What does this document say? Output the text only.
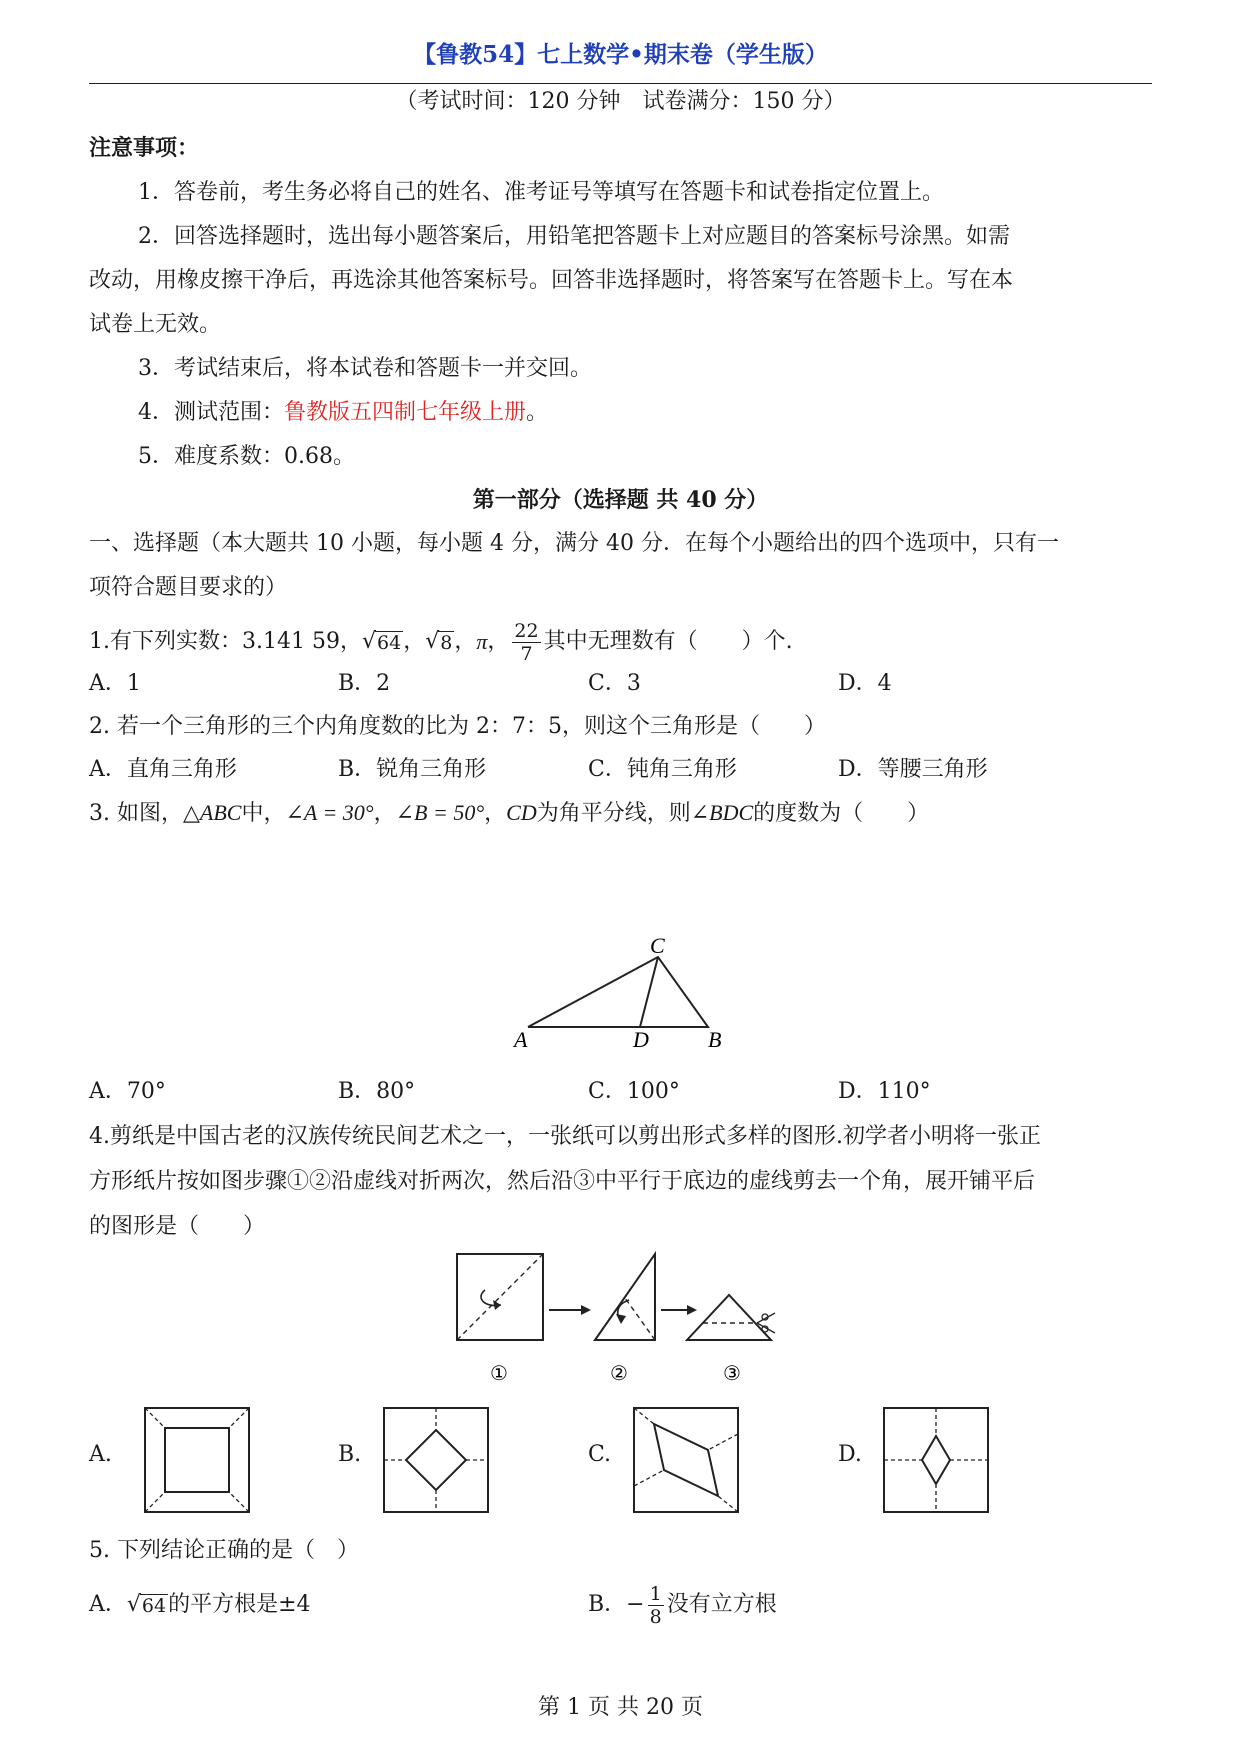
【鲁教54】七上数学•期末卷（学生版）
（考试时间：120 分钟　试卷满分：150 分）
注意事项：
1．答卷前，考生务必将自己的姓名、准考证号等填写在答题卡和试卷指定位置上。
2．回答选择题时，选出每小题答案后，用铅笔把答题卡上对应题目的答案标号涂黑。如需
改动，用橡皮擦干净后，再选涂其他答案标号。回答非选择题时，将答案写在答题卡上。写在本
试卷上无效。
3．考试结束后，将本试卷和答题卡一并交回。
4．测试范围：鲁教版五四制七年级上册。
5．难度系数：0.68。
第一部分（选择题 共 40 分）
一、选择题（本大题共 10 小题，每小题 4 分，满分 40 分．在每个小题给出的四个选项中，只有一
项符合题目要求的）
1.有下列实数：3.141 59， √ 64 ， √ 8 ， π ， $\frac{22}{7}$ 其中无理数有（　　）个.
A．1	B．2	C．3	D．4
2. 若一个三角形的三个内角度数的比为 2：7：5，则这个三角形是（　　）
A．直角三角形	B．锐角三角形	C．钝角三角形	D．等腰三角形
3. 如图，△ABC中，∠A = 30°，∠B = 50°，CD为角平分线，则∠BDC的度数为（　　）
C
A	D	B
A．70°	B．80°	C．100°	D．110°
4.剪纸是中国古老的汉族传统民间艺术之一，一张纸可以剪出形式多样的图形.初学者小明将一张正
方形纸片按如图步骤①②沿虚线对折两次，然后沿③中平行于底边的虚线剪去一个角，展开铺平后
的图形是（　　）
①	②	③
A.	B.	C.	D.
5. 下列结论正确的是（　）
A． √ 64 的平方根是±4	B． − $\frac{1}{8}$ 没有立方根
第 1 页 共 20 页
